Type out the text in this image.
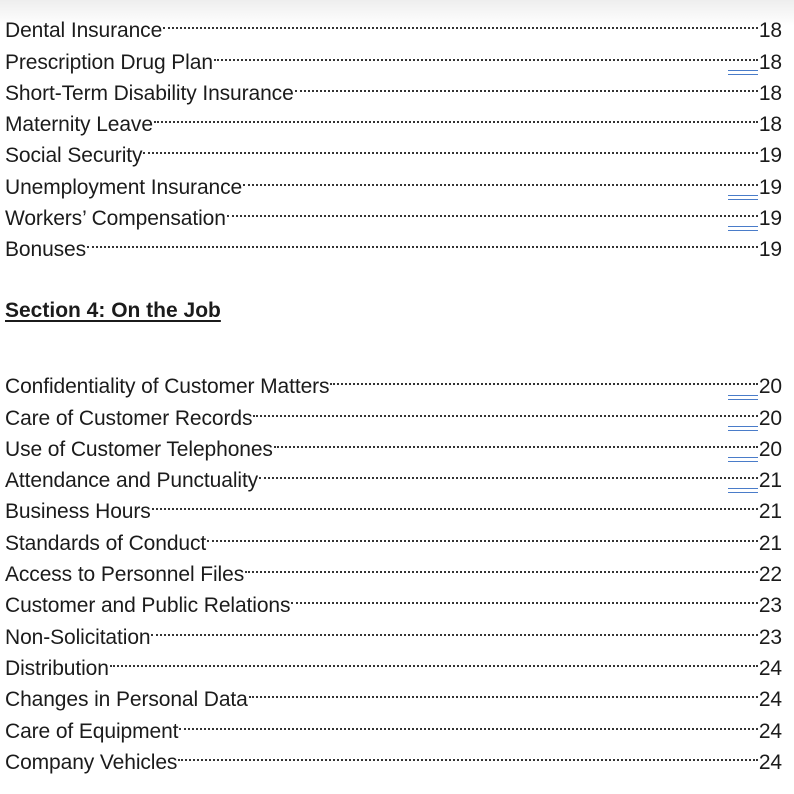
Dental Insurance	18
Prescription Drug Plan	18
Short-Term Disability Insurance	18
Maternity Leave	18
Social Security	19
Unemployment Insurance	19
Workers’ Compensation	19
Bonuses	19
Section 4: On the Job
Confidentiality of Customer Matters	20
Care of Customer Records	20
Use of Customer Telephones	20
Attendance and Punctuality	21
Business Hours	21
Standards of Conduct	21
Access to Personnel Files	22
Customer and Public Relations	23
Non-Solicitation	23
Distribution	24
Changes in Personal Data	24
Care of Equipment	24
Company Vehicles	24
